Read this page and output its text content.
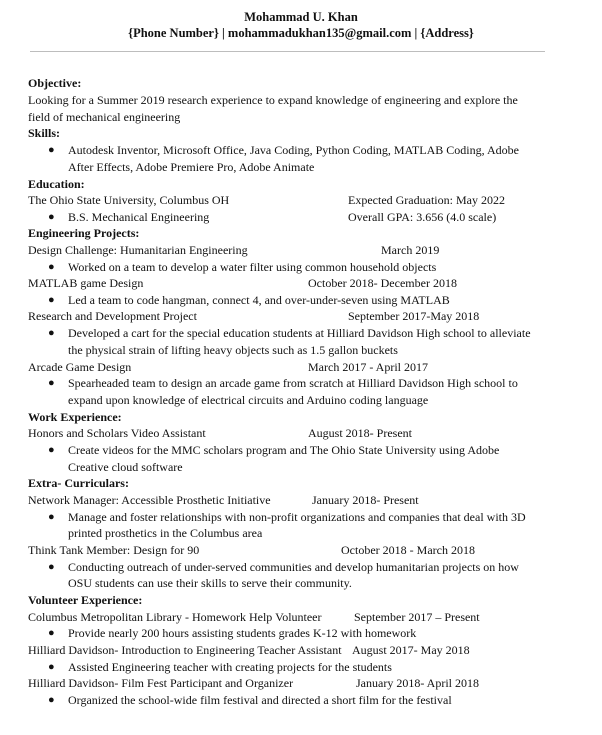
Mohammad U. Khan
{Phone Number} | mohammadukhan135@gmail.com | {Address}
Objective:
Looking for a Summer 2019 research experience to expand knowledge of engineering and explore the
field of mechanical engineering
Skills:
● Autodesk Inventor, Microsoft Office, Java Coding, Python Coding, MATLAB Coding, Adobe
After Effects, Adobe Premiere Pro, Adobe Animate
Education:
The Ohio State University, Columbus OH	Expected Graduation: May 2022
● B.S. Mechanical Engineering	Overall GPA: 3.656 (4.0 scale)
Engineering Projects:
Design Challenge: Humanitarian Engineering	March 2019
● Worked on a team to develop a water filter using common household objects
MATLAB game Design	October 2018- December 2018
● Led a team to code hangman, connect 4, and over-under-seven using MATLAB
Research and Development Project	September 2017-May 2018
● Developed a cart for the special education students at Hilliard Davidson High school to alleviate
the physical strain of lifting heavy objects such as 1.5 gallon buckets
Arcade Game Design	March 2017 - April 2017
● Spearheaded team to design an arcade game from scratch at Hilliard Davidson High school to
expand upon knowledge of electrical circuits and Arduino coding language
Work Experience:
Honors and Scholars Video Assistant	August 2018- Present
● Create videos for the MMC scholars program and The Ohio State University using Adobe
Creative cloud software
Extra- Curriculars:
Network Manager: Accessible Prosthetic Initiative	January 2018- Present
● Manage and foster relationships with non-profit organizations and companies that deal with 3D
printed prosthetics in the Columbus area
Think Tank Member: Design for 90	October 2018 - March 2018
● Conducting outreach of under-served communities and develop humanitarian projects on how
OSU students can use their skills to serve their community.
Volunteer Experience:
Columbus Metropolitan Library - Homework Help Volunteer	September 2017 – Present
● Provide nearly 200 hours assisting students grades K-12 with homework
Hilliard Davidson- Introduction to Engineering Teacher Assistant August 2017- May 2018
● Assisted Engineering teacher with creating projects for the students
Hilliard Davidson- Film Fest Participant and Organizer	January 2018- April 2018
● Organized the school-wide film festival and directed a short film for the festival
